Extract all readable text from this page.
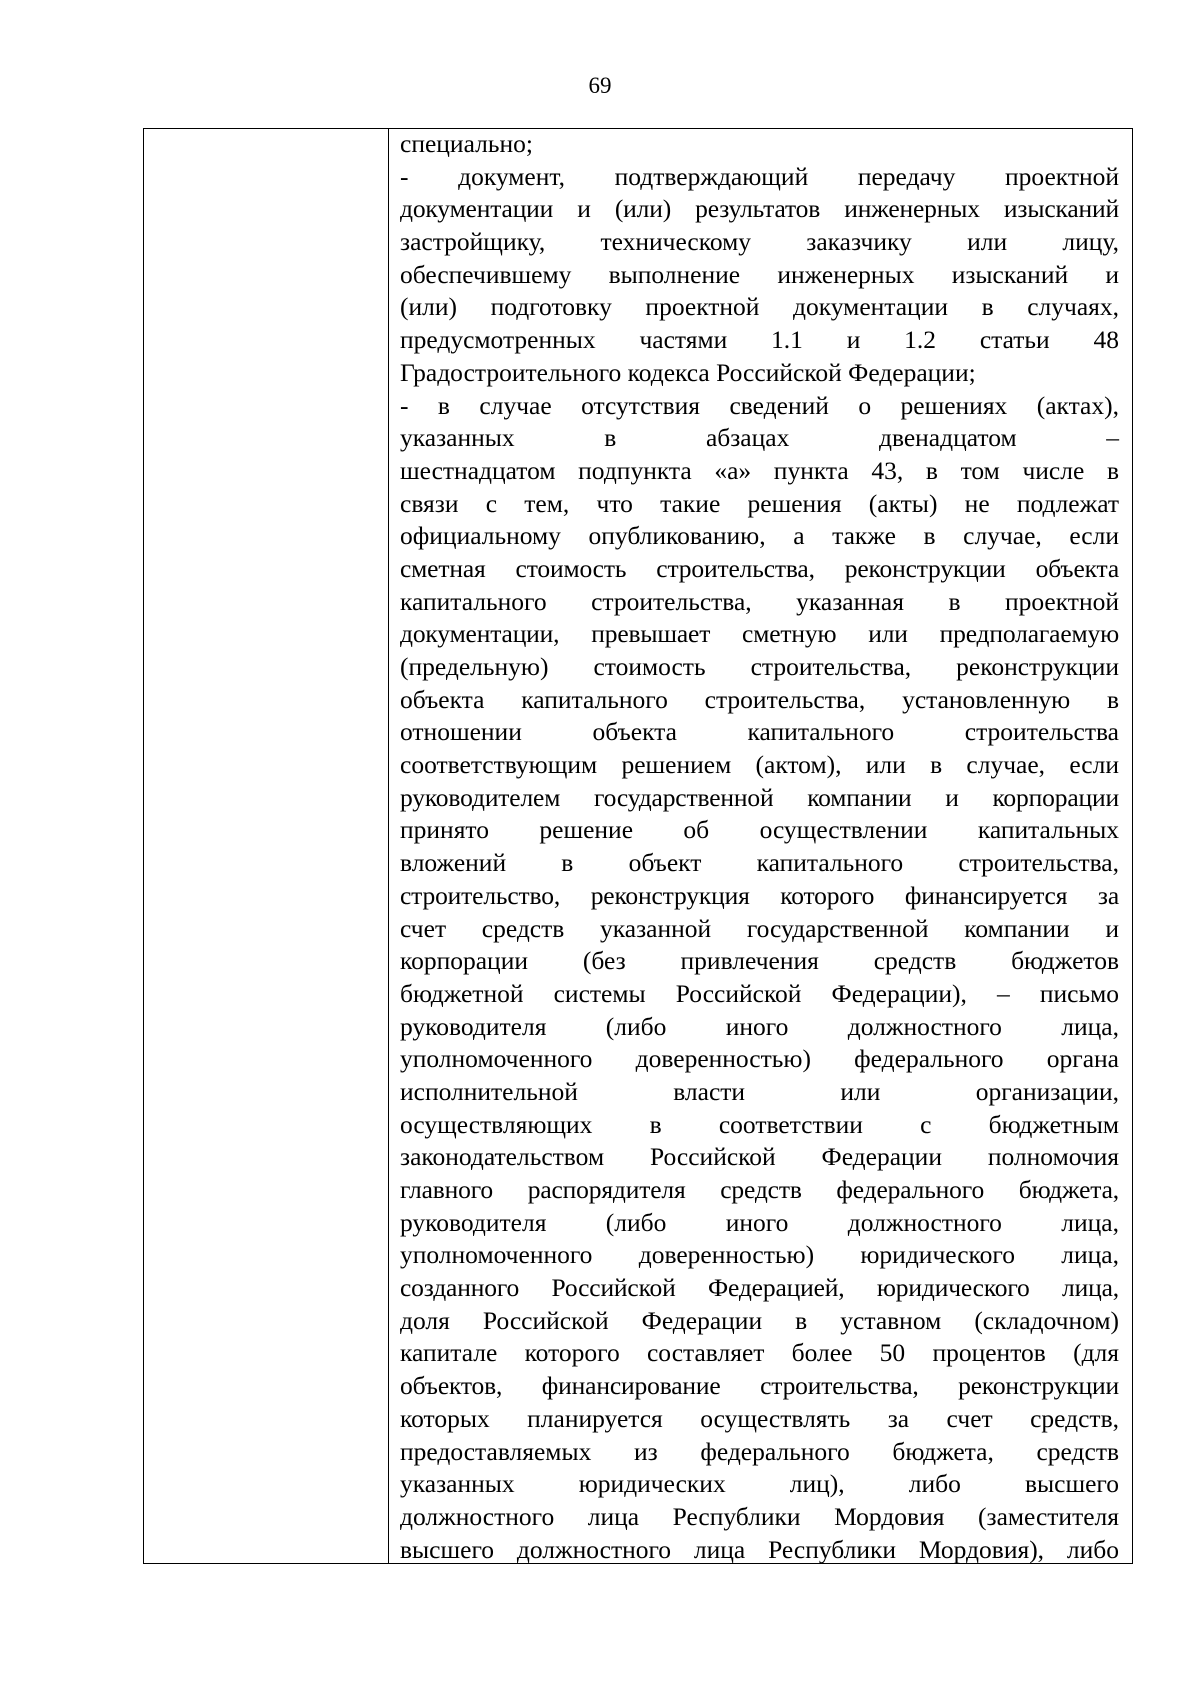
69
специально;
- документ, подтверждающий передачу проектной
документации и (или) результатов инженерных изысканий
застройщику, техническому заказчику или лицу,
обеспечившему выполнение инженерных изысканий и
(или) подготовку проектной документации в случаях,
предусмотренных частями 1.1 и 1.2 статьи 48
Градостроительного кодекса Российской Федерации;
- в случае отсутствия сведений о решениях (актах),
указанных в абзацах двенадцатом –
шестнадцатом подпункта «а» пункта 43, в том числе в
связи с тем, что такие решения (акты) не подлежат
официальному опубликованию, а также в случае, если
сметная стоимость строительства, реконструкции объекта
капитального строительства, указанная в проектной
документации, превышает сметную или предполагаемую
(предельную) стоимость строительства, реконструкции
объекта капитального строительства, установленную в
отношении объекта капитального строительства
соответствующим решением (актом), или в случае, если
руководителем государственной компании и корпорации
принято решение об осуществлении капитальных
вложений в объект капитального строительства,
строительство, реконструкция которого финансируется за
счет средств указанной государственной компании и
корпорации (без привлечения средств бюджетов
бюджетной системы Российской Федерации), – письмо
руководителя (либо иного должностного лица,
уполномоченного доверенностью) федерального органа
исполнительной власти или организации,
осуществляющих в соответствии с бюджетным
законодательством Российской Федерации полномочия
главного распорядителя средств федерального бюджета,
руководителя (либо иного должностного лица,
уполномоченного доверенностью) юридического лица,
созданного Российской Федерацией, юридического лица,
доля Российской Федерации в уставном (складочном)
капитале которого составляет более 50 процентов (для
объектов, финансирование строительства, реконструкции
которых планируется осуществлять за счет средств,
предоставляемых из федерального бюджета, средств
указанных юридических лиц), либо высшего
должностного лица Республики Мордовия (заместителя
высшего должностного лица Республики Мордовия), либо
